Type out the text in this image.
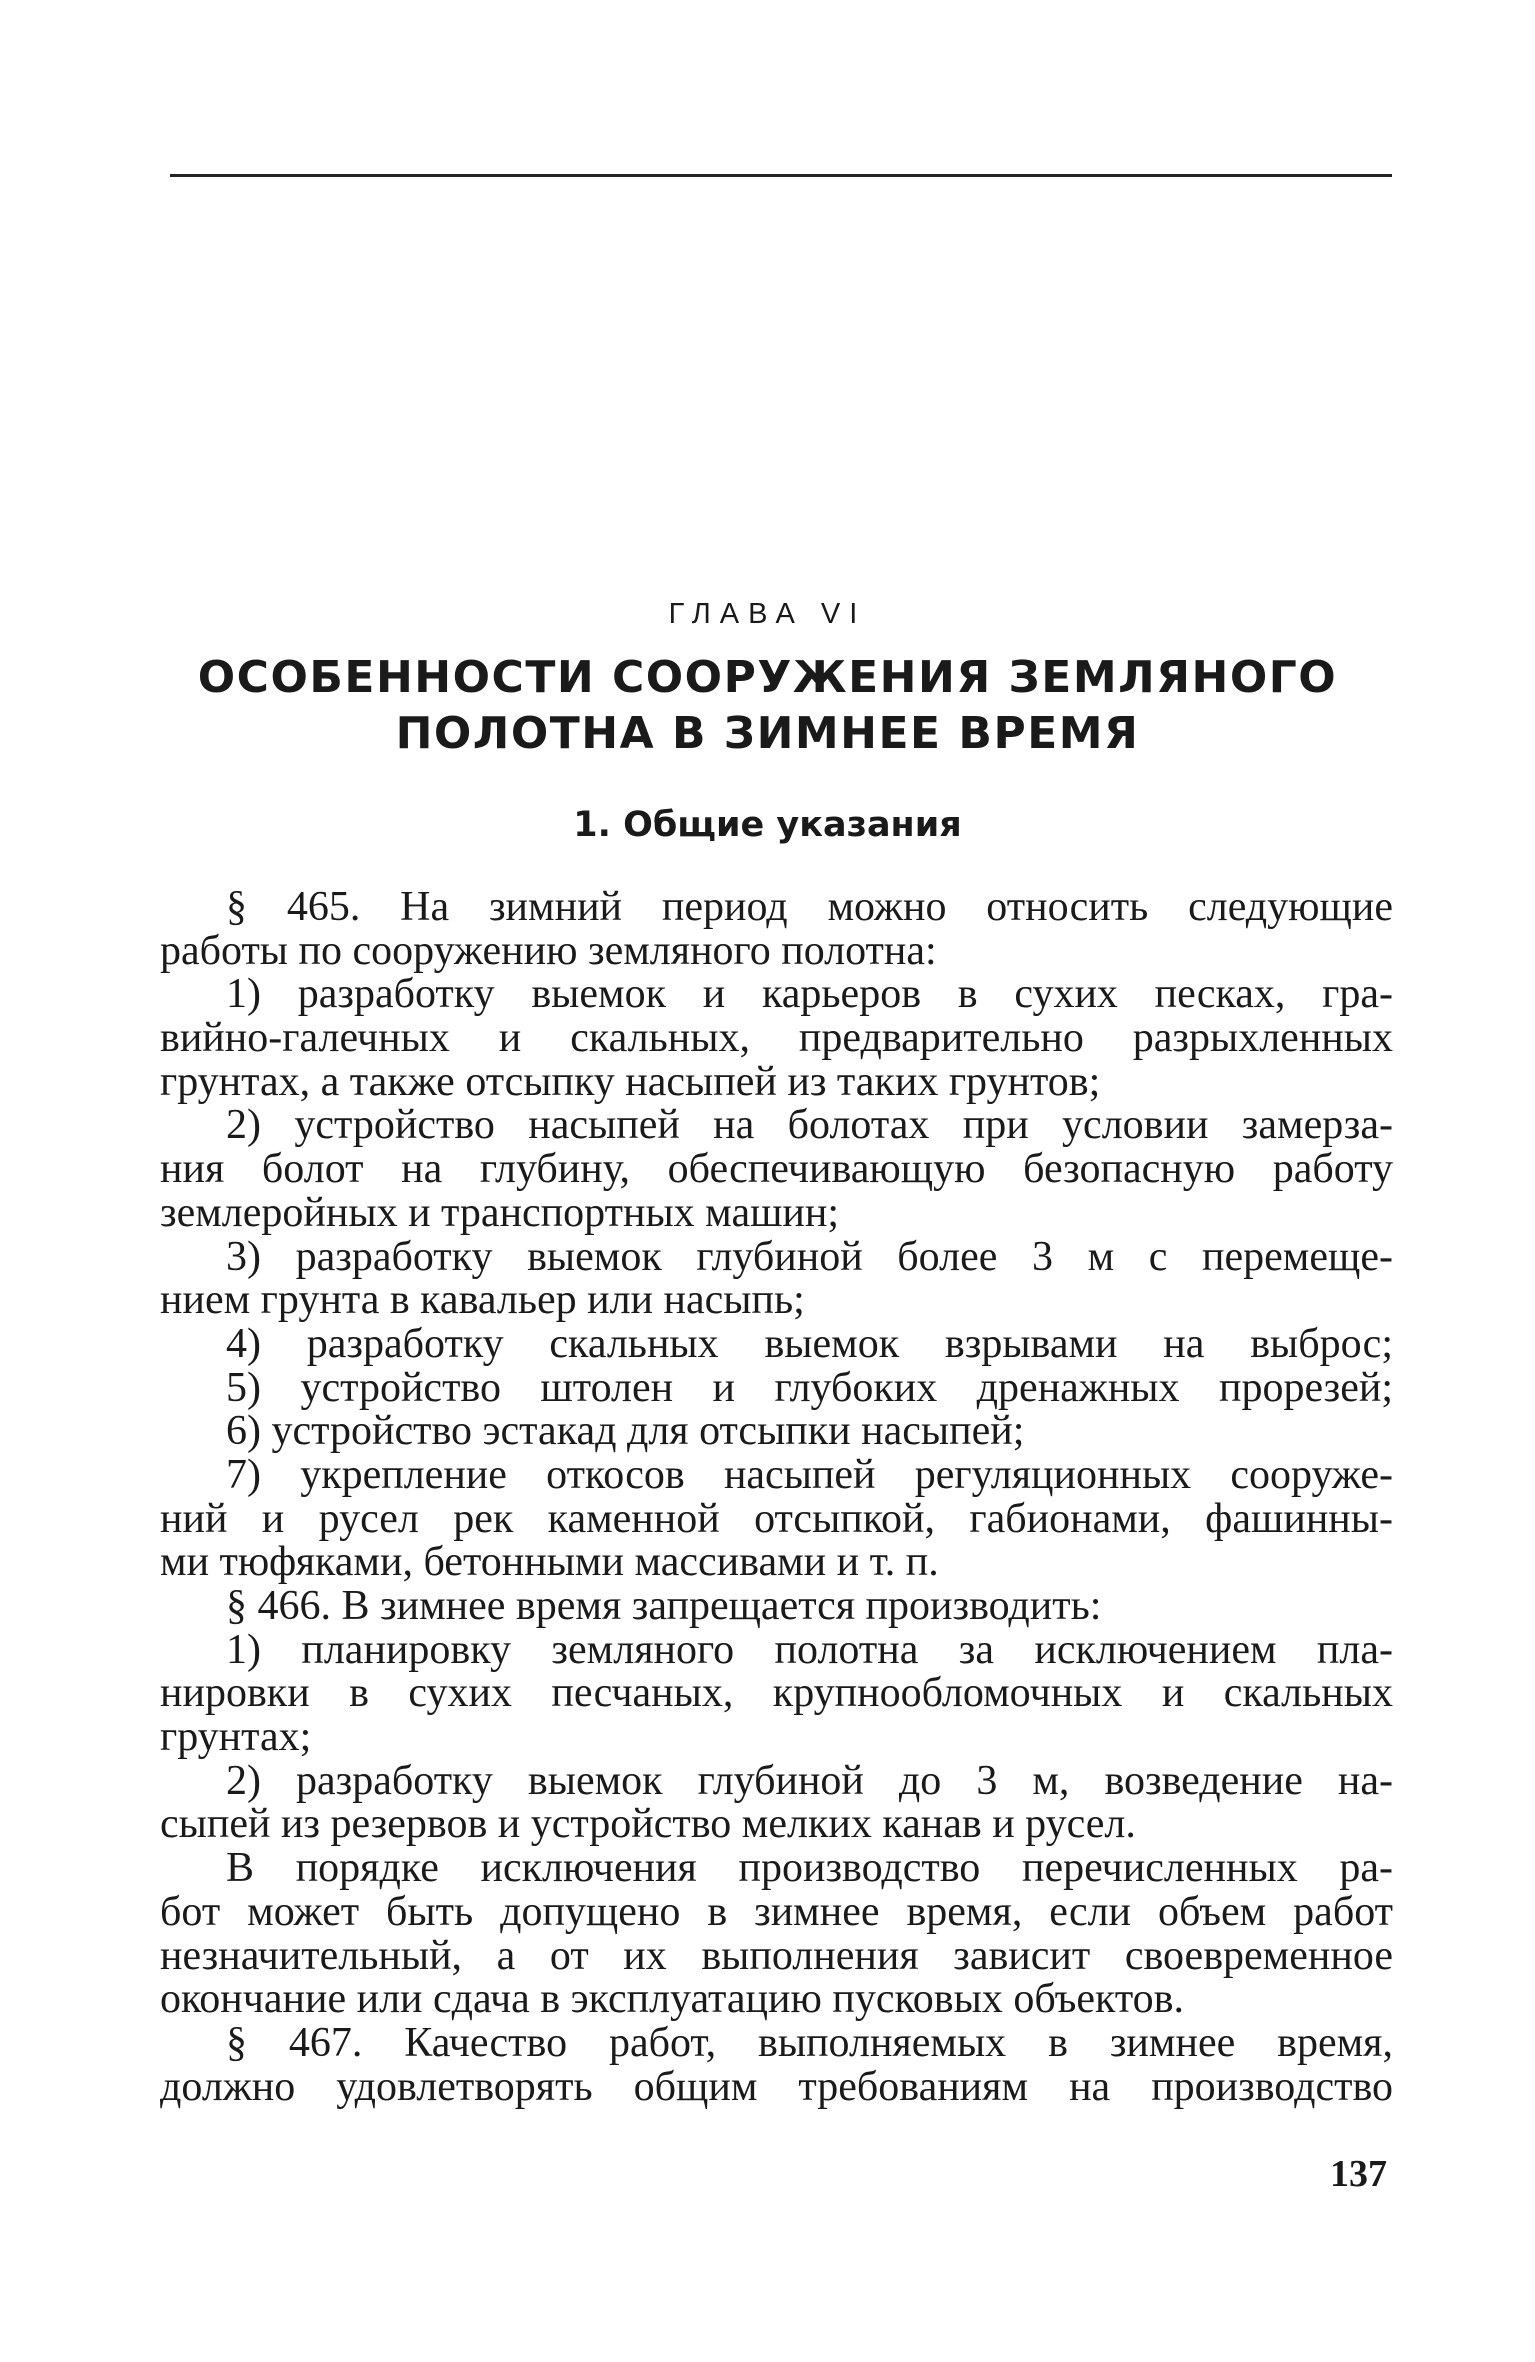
ГЛАВА VI
ОСОБЕННОСТИ СООРУЖЕНИЯ ЗЕМЛЯНОГО
ПОЛОТНА В ЗИМНЕЕ ВРЕМЯ
1. Общие указания
§ 465. На зимний период можно относить следующие
работы по сооружению земляного полотна:
1) разработку выемок и карьеров в сухих песках, гра-
вийно-галечных и скальных, предварительно разрыхленных
грунтах, а также отсыпку насыпей из таких грунтов;
2) устройство насыпей на болотах при условии замерза-
ния болот на глубину, обеспечивающую безопасную работу
землеройных и транспортных машин;
3) разработку выемок глубиной более 3 м с перемеще-
нием грунта в кавальер или насыпь;
4) разработку скальных выемок взрывами на выброс;
5) устройство штолен и глубоких дренажных прорезей;
6) устройство эстакад для отсыпки насыпей;
7) укрепление откосов насыпей регуляционных сооруже-
ний и русел рек каменной отсыпкой, габионами, фашинны-
ми тюфяками, бетонными массивами и т. п.
§ 466. В зимнее время запрещается производить:
1) планировку земляного полотна за исключением пла-
нировки в сухих песчаных, крупнообломочных и скальных
грунтах;
2) разработку выемок глубиной до 3 м, возведение на-
сыпей из резервов и устройство мелких канав и русел.
В порядке исключения производство перечисленных ра-
бот может быть допущено в зимнее время, если объем работ
незначительный, а от их выполнения зависит своевременное
окончание или сдача в эксплуатацию пусковых объектов.
§ 467. Качество работ, выполняемых в зимнее время,
должно удовлетворять общим требованиям на производство
137
